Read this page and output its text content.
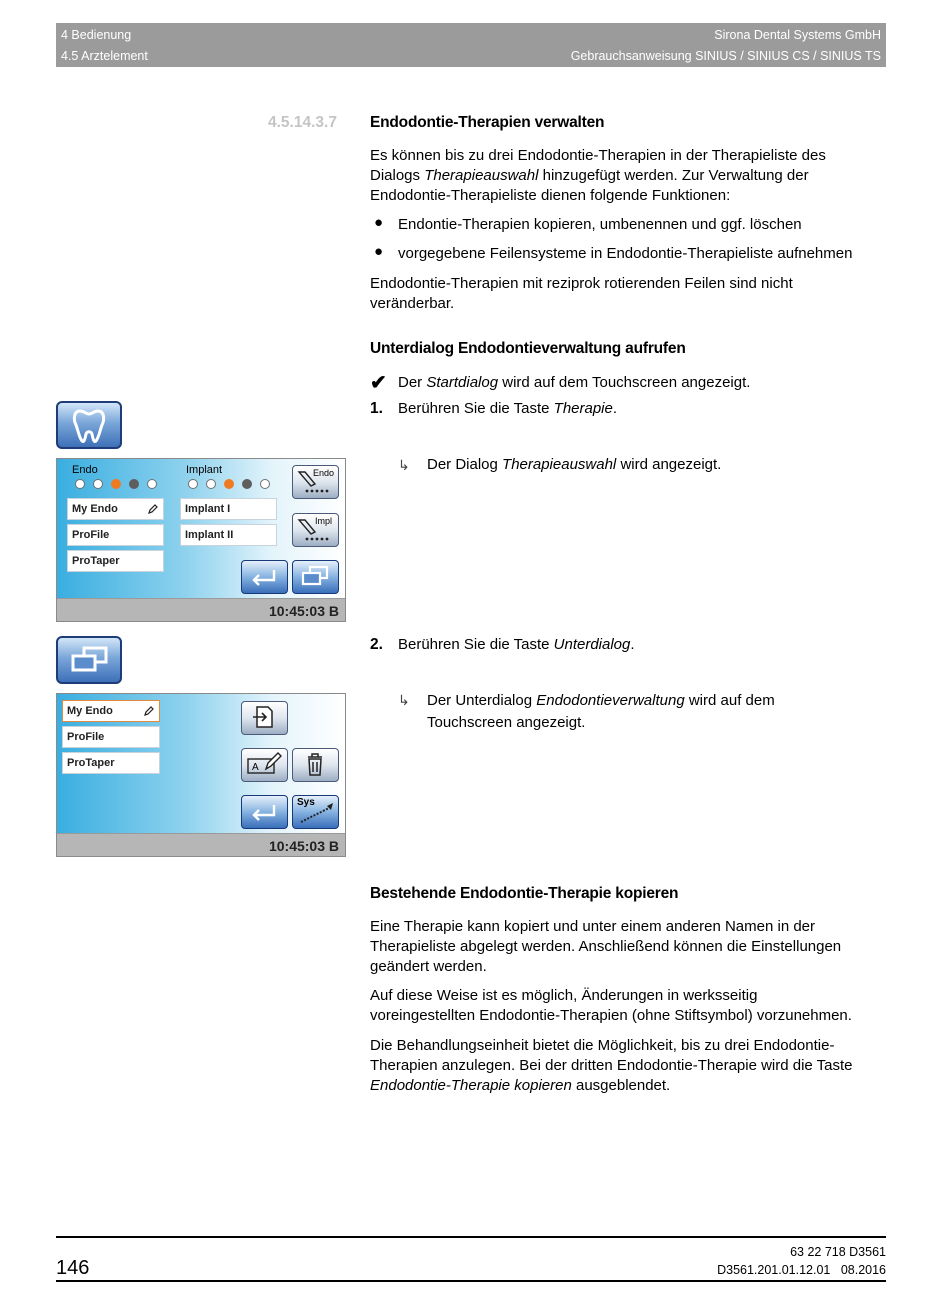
4 Bedienung
4.5 Arztelement
Sirona Dental Systems GmbH
Gebrauchsanweisung SINIUS / SINIUS CS / SINIUS TS
4.5.14.3.7 Endodontie-Therapien verwalten
Es können bis zu drei Endodontie-Therapien in der Therapieliste des
Dialogs Therapieauswahl hinzugefügt werden. Zur Verwaltung der
Endodontie-Therapieliste dienen folgende Funktionen:
● Endontie-Therapien kopieren, umbenennen und ggf. löschen
● vorgegebene Feilensysteme in Endodontie-Therapieliste aufnehmen
Endodontie-Therapien mit reziprok rotierenden Feilen sind nicht
veränderbar.
Unterdialog Endodontieverwaltung aufrufen
✔ Der Startdialog wird auf dem Touchscreen angezeigt.
1. Berühren Sie die Taste Therapie.
↳ Der Dialog Therapieauswahl wird angezeigt.
2. Berühren Sie die Taste Unterdialog.
↳ Der Unterdialog Endodontieverwaltung wird auf dem
Touchscreen angezeigt.
Endo	Implant
My Endo
ProFile
ProTaper
Implant I
Implant II
Endo
Impl
10:45:03 B
My Endo
ProFile
ProTaper	A
Sys
10:45:03 B
Bestehende Endodontie-Therapie kopieren
Eine Therapie kann kopiert und unter einem anderen Namen in der
Therapieliste abgelegt werden. Anschließend können die Einstellungen
geändert werden.
Auf diese Weise ist es möglich, Änderungen in werksseitig
voreingestellten Endodontie-Therapien (ohne Stiftsymbol) vorzunehmen.
Die Behandlungseinheit bietet die Möglichkeit, bis zu drei Endodontie-
Therapien anzulegen. Bei der dritten Endodontie-Therapie wird die Taste
Endodontie-Therapie kopieren ausgeblendet.
146
63 22 718 D3561
D3561.201.01.12.01 08.2016
